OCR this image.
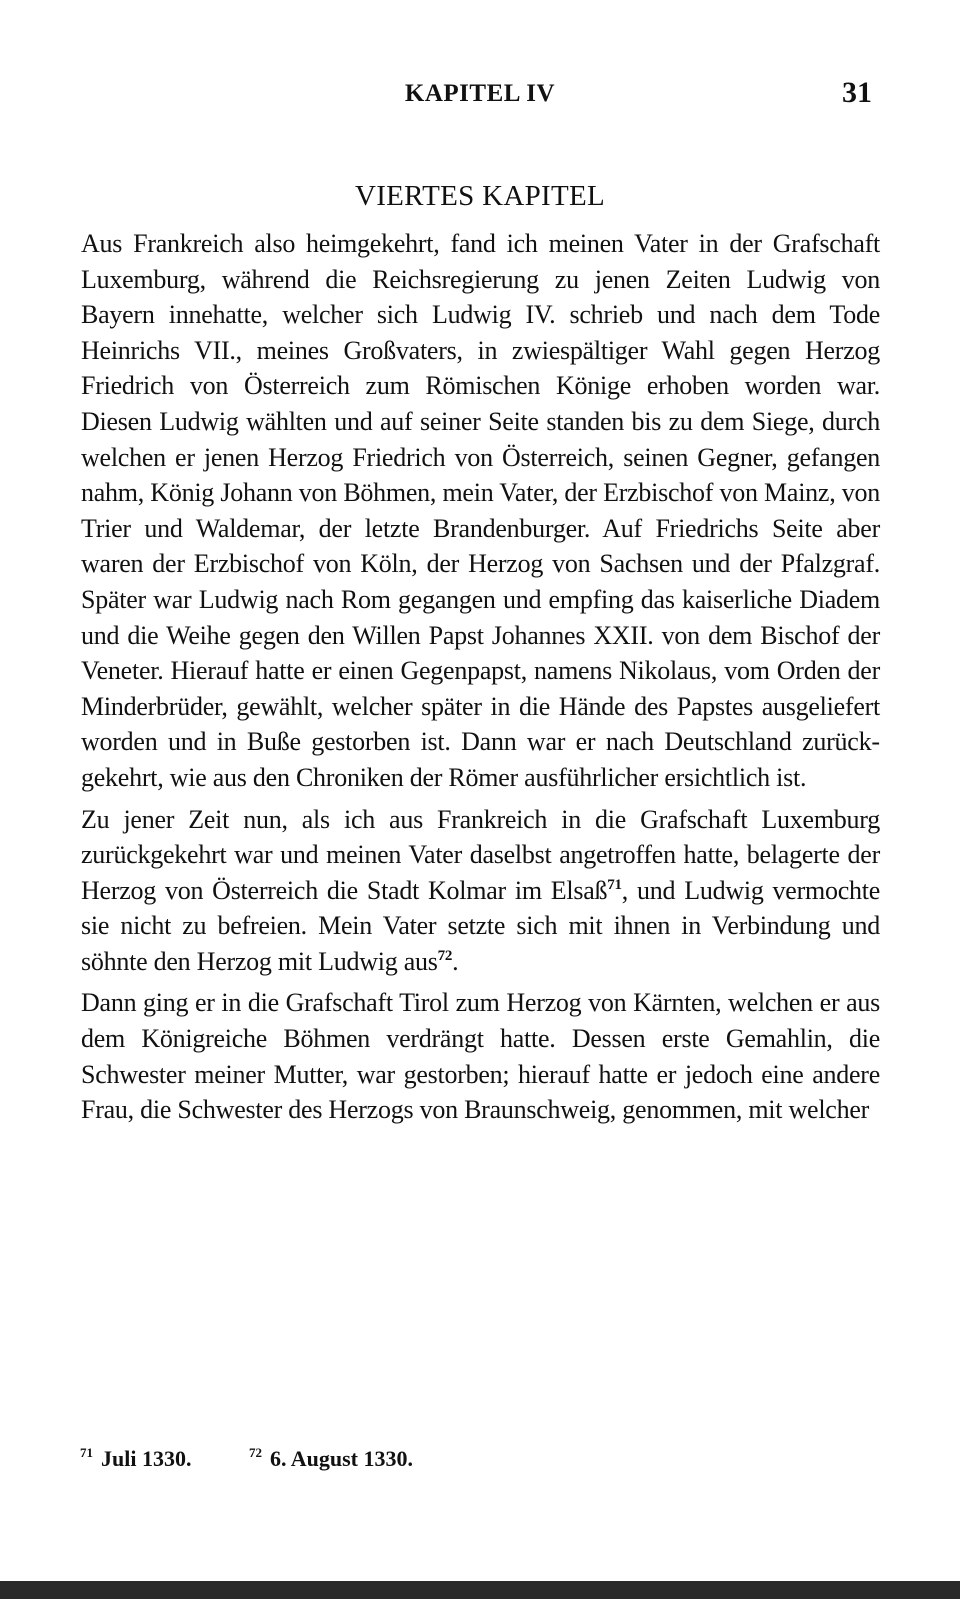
KAPITEL IV	31
VIERTES KAPITEL

Aus Frankreich also heimgekehrt, fand ich meinen Vater in der Grafschaft Luxemburg, während die Reichsregierung zu jenen Zeiten Ludwig von Bayern innehatte, welcher sich Ludwig IV. schrieb und nach dem Tode Heinrichs VII., meines Großvaters, in zwiespältiger Wahl gegen Herzog Friedrich von Österreich zum Römischen Könige erhoben worden war. Diesen Ludwig wählten und auf seiner Seite standen bis zu dem Siege, durch welchen er jenen Herzog Friedrich von Österreich, seinen Gegner, gefangen nahm, König Johann von Böhmen, mein Vater, der Erzbischof von Mainz, von Trier und Waldemar, der letzte Brandenburger. Auf Friedrichs Seite aber waren der Erzbischof von Köln, der Herzog von Sachsen und der Pfalzgraf. Später war Ludwig nach Rom gegangen und empfing das kaiserliche Diadem und die Weihe gegen den Willen Papst Johannes XXII. von dem Bischof der Veneter. Hierauf hatte er einen Gegenpapst, namens Nikolaus, vom Orden der Minderbrüder, gewählt, welcher später in die Hände des Papstes ausgeliefert worden und in Buße gestorben ist. Dann war er nach Deutschland zurückgekehrt, wie aus den Chroniken der Römer ausführlicher ersichtlich ist.

Zu jener Zeit nun, als ich aus Frankreich in die Grafschaft Luxemburg zurückgekehrt war und meinen Vater daselbst angetroffen hatte, belagerte der Herzog von Österreich die Stadt Kolmar im Elsaß$^{71}$, und Ludwig vermochte sie nicht zu befreien. Mein Vater setzte sich mit ihnen in Verbindung und söhnte den Herzog mit Ludwig aus$^{72}$.

Dann ging er in die Grafschaft Tirol zum Herzog von Kärnten, welchen er aus dem Königreiche Böhmen verdrängt hatte. Dessen erste Gemahlin, die Schwester meiner Mutter, war gestorben; hierauf hatte er jedoch eine andere Frau, die Schwester des Herzogs von Braunschweig, genommen, mit welcher

$^{71}$ Juli 1330.	$^{72}$ 6. August 1330.
